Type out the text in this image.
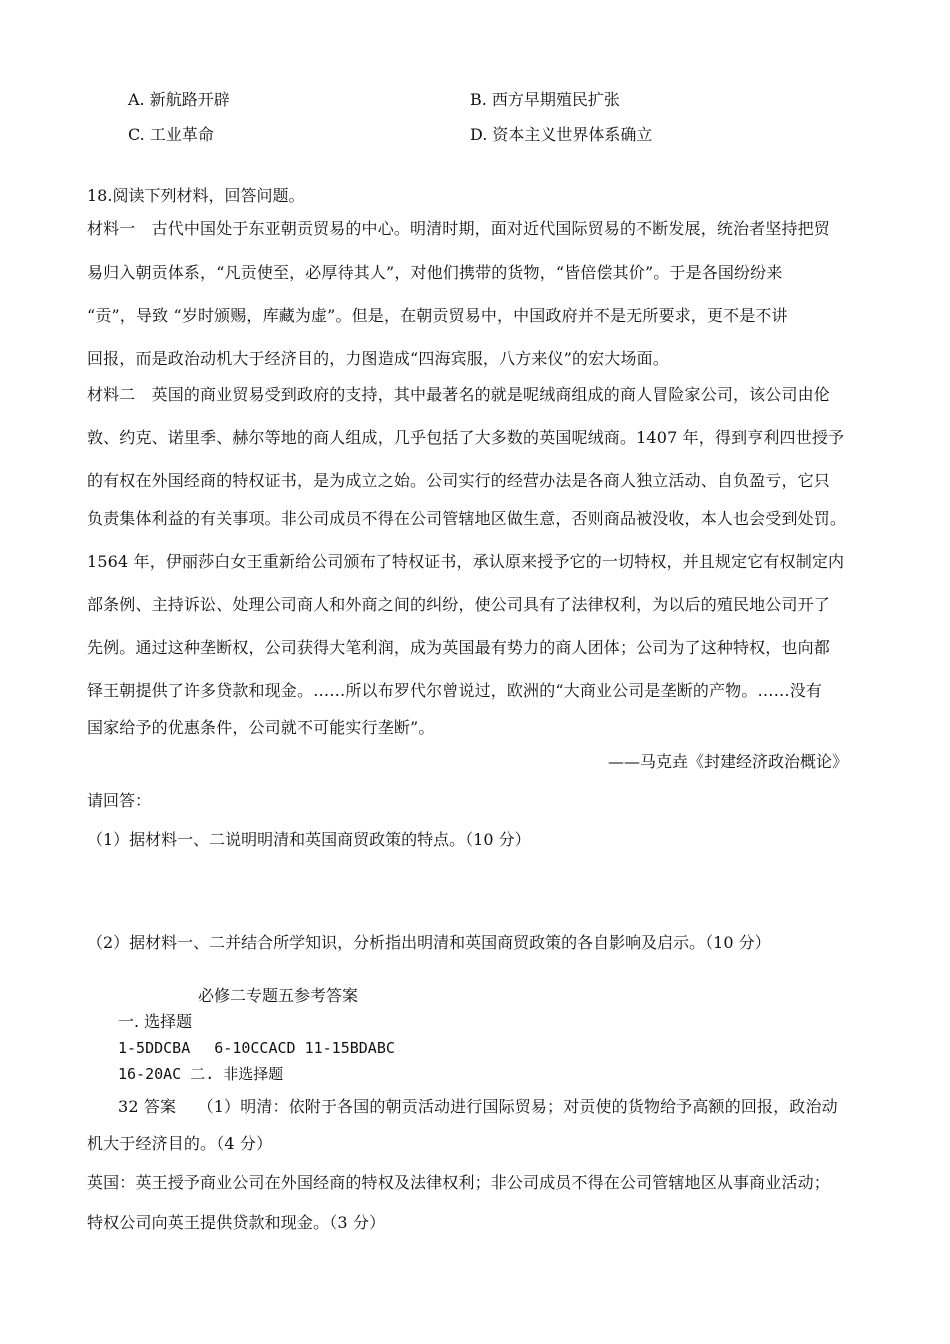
A. 新航路开辟	B. 西方早期殖民扩张
C. 工业革命	D. 资本主义世界体系确立
18.阅读下列材料，回答问题。
材料一　古代中国处于东亚朝贡贸易的中心。明清时期，面对近代国际贸易的不断发展，统治者坚持把贸
易归入朝贡体系，“凡贡使至，必厚待其人”，对他们携带的货物，“皆倍偿其价”。于是各国纷纷来
“贡”，导致 “岁时颁赐，库藏为虚”。但是，在朝贡贸易中，中国政府并不是无所要求，更不是不讲
回报，而是政治动机大于经济目的，力图造成“四海宾服，八方来仪”的宏大场面。
材料二　英国的商业贸易受到政府的支持，其中最著名的就是呢绒商组成的商人冒险家公司，该公司由伦
敦、约克、诺里季、赫尔等地的商人组成，几乎包括了大多数的英国呢绒商。1407 年，得到亨利四世授予
的有权在外国经商的特权证书，是为成立之始。公司实行的经营办法是各商人独立活动、自负盈亏，它只
负责集体利益的有关事项。非公司成员不得在公司管辖地区做生意，否则商品被没收，本人也会受到处罚。
1564 年，伊丽莎白女王重新给公司颁布了特权证书，承认原来授予它的一切特权，并且规定它有权制定内
部条例、主持诉讼、处理公司商人和外商之间的纠纷，使公司具有了法律权利，为以后的殖民地公司开了
先例。通过这种垄断权，公司获得大笔利润，成为英国最有势力的商人团体；公司为了这种特权，也向都
铎王朝提供了许多贷款和现金。……所以布罗代尔曾说过，欧洲的“大商业公司是垄断的产物。……没有
国家给予的优惠条件，公司就不可能实行垄断”。
——马克垚《封建经济政治概论》
请回答：
（1）据材料一、二说明明清和英国商贸政策的特点。（10 分）
（2）据材料一、二并结合所学知识，分析指出明清和英国商贸政策的各自影响及启示。（10 分）
必修二专题五参考答案
一. 选择题
1-5DDCBA　 6-10CCACD 11-15BDABC
16-20AC 二. 非选择题
32 答案　 （1）明清：依附于各国的朝贡活动进行国际贸易；对贡使的货物给予高额的回报，政治动
机大于经济目的。（4 分）
英国：英王授予商业公司在外国经商的特权及法律权利；非公司成员不得在公司管辖地区从事商业活动；
特权公司向英王提供贷款和现金。（3 分）
